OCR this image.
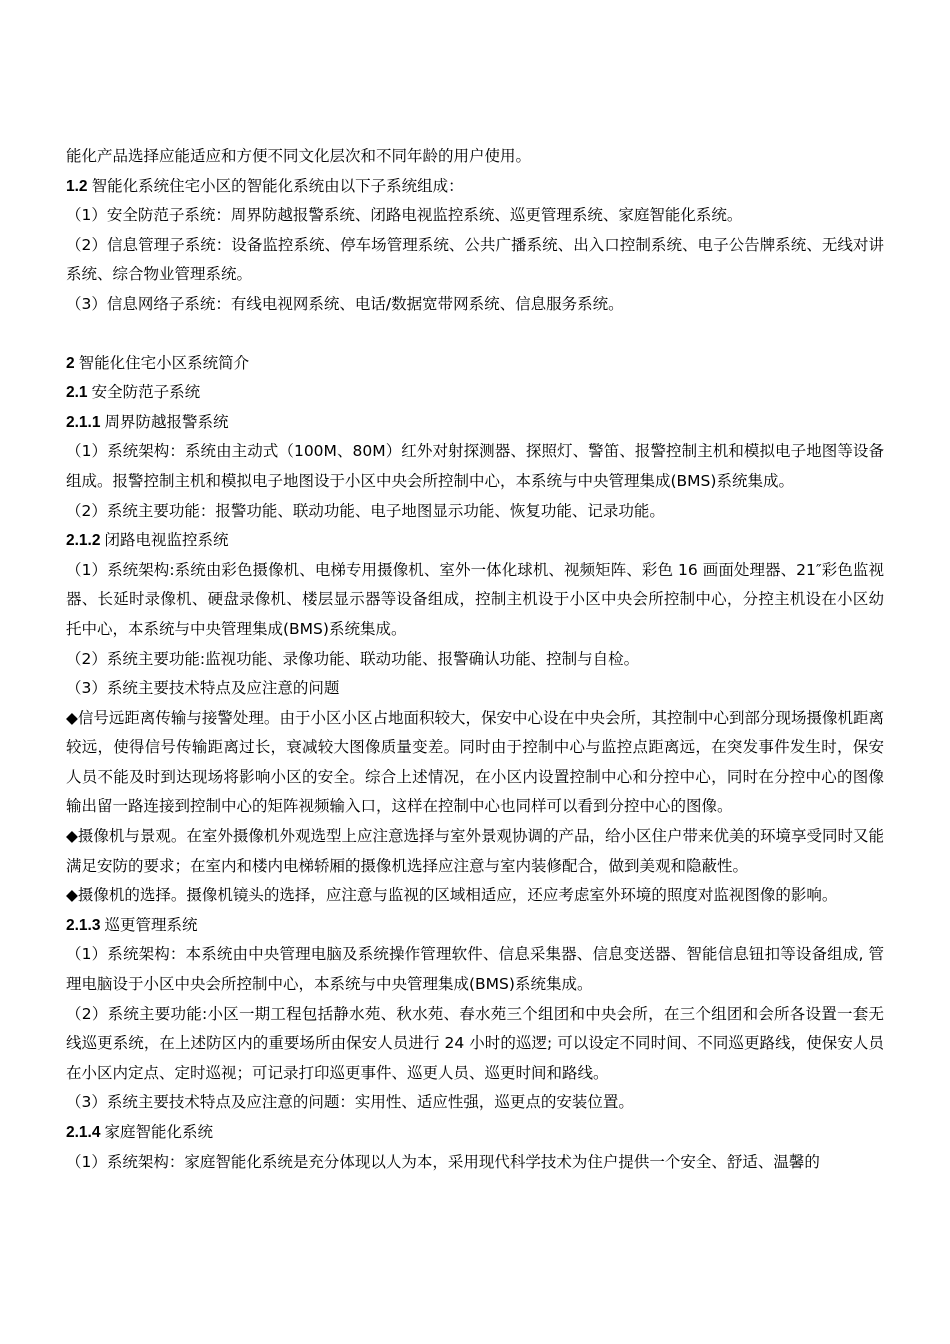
能化产品选择应能适应和方便不同文化层次和不同年龄的用户使用。

1.2 智能化系统住宅小区的智能化系统由以下子系统组成：

（1）安全防范子系统：周界防越报警系统、闭路电视监控系统、巡更管理系统、家庭智能化系统。

（2）信息管理子系统：设备监控系统、停车场管理系统、公共广播系统、出入口控制系统、电子公告牌系统、无线对讲系统、综合物业管理系统。

（3）信息网络子系统：有线电视网系统、电话/数据宽带网系统、信息服务系统。

2 智能化住宅小区系统简介

2.1 安全防范子系统

2.1.1 周界防越报警系统

（1）系统架构：系统由主动式（100M、80M）红外对射探测器、探照灯、警笛、报警控制主机和模拟电子地图等设备组成。报警控制主机和模拟电子地图设于小区中央会所控制中心，本系统与中央管理集成(BMS)系统集成。

（2）系统主要功能：报警功能、联动功能、电子地图显示功能、恢复功能、记录功能。

2.1.2 闭路电视监控系统

（1）系统架构:系统由彩色摄像机、电梯专用摄像机、室外一体化球机、视频矩阵、彩色 16 画面处理器、21″彩色监视器、长延时录像机、硬盘录像机、楼层显示器等设备组成，控制主机设于小区中央会所控制中心，分控主机设在小区幼托中心，本系统与中央管理集成(BMS)系统集成。

（2）系统主要功能:监视功能、录像功能、联动功能、报警确认功能、控制与自检。

（3）系统主要技术特点及应注意的问题

◆信号远距离传输与接警处理。由于小区小区占地面积较大，保安中心设在中央会所，其控制中心到部分现场摄像机距离较远，使得信号传输距离过长，衰减较大图像质量变差。同时由于控制中心与监控点距离远，在突发事件发生时，保安人员不能及时到达现场将影响小区的安全。综合上述情况，在小区内设置控制中心和分控中心，同时在分控中心的图像输出留一路连接到控制中心的矩阵视频输入口，这样在控制中心也同样可以看到分控中心的图像。

◆摄像机与景观。在室外摄像机外观选型上应注意选择与室外景观协调的产品，给小区住户带来优美的环境享受同时又能满足安防的要求；在室内和楼内电梯轿厢的摄像机选择应注意与室内装修配合，做到美观和隐蔽性。

◆摄像机的选择。摄像机镜头的选择，应注意与监视的区域相适应，还应考虑室外环境的照度对监视图像的影响。

2.1.3 巡更管理系统

（1）系统架构：本系统由中央管理电脑及系统操作管理软件、信息采集器、信息变送器、智能信息钮扣等设备组成, 管理电脑设于小区中央会所控制中心，本系统与中央管理集成(BMS)系统集成。

（2）系统主要功能:小区一期工程包括静水苑、秋水苑、春水苑三个组团和中央会所，在三个组团和会所各设置一套无线巡更系统，在上述防区内的重要场所由保安人员进行 24 小时的巡逻; 可以设定不同时间、不同巡更路线，使保安人员在小区内定点、定时巡视；可记录打印巡更事件、巡更人员、巡更时间和路线。

（3）系统主要技术特点及应注意的问题：实用性、适应性强，巡更点的安装位置。

2.1.4 家庭智能化系统

（1）系统架构：家庭智能化系统是充分体现以人为本，采用现代科学技术为住户提供一个安全、舒适、温馨的
